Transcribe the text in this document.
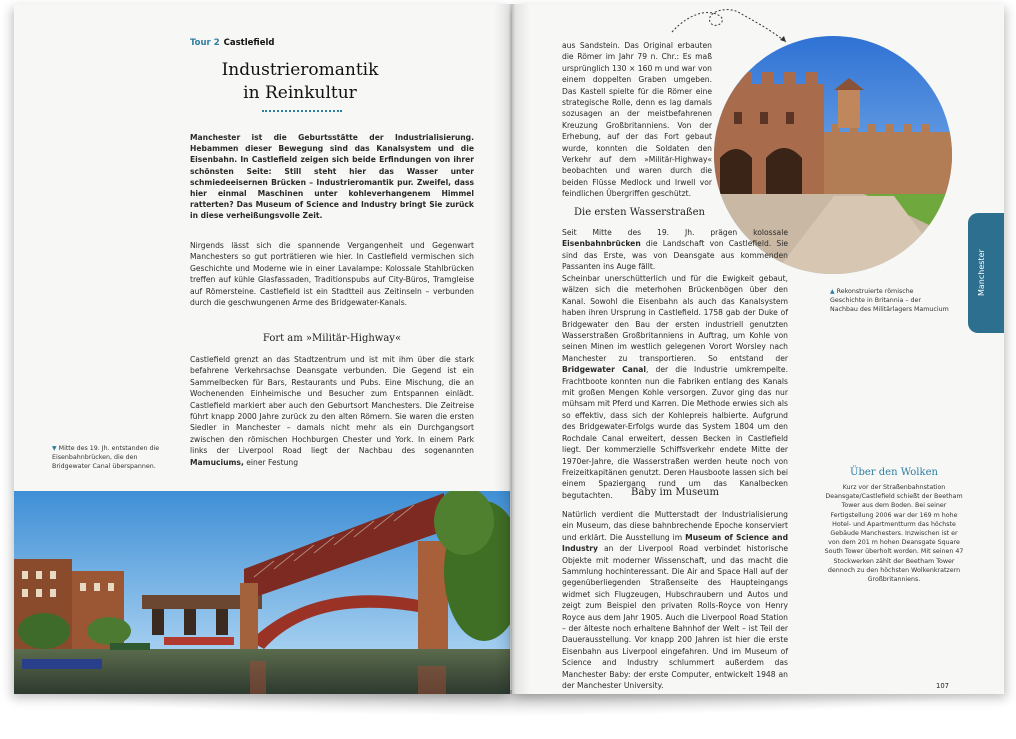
Tour 2 Castlefield
Industrieromantik
in Reinkultur
Manchester ist die Geburtsstätte der Industrialisierung. Hebammen dieser Bewegung sind das Kanalsystem und die Eisenbahn. In Castlefield zeigen sich beide Erfindungen von ihrer schönsten Seite: Still steht hier das Wasser unter schmiedeeisernen Brücken – Industrieromantik pur. Zweifel, dass hier einmal Maschinen unter kohleverhangenem Himmel ratterten? Das Museum of Science and Industry bringt Sie zurück in diese verheißungsvolle Zeit.
Nirgends lässt sich die spannende Vergangenheit und Gegenwart Manchesters so gut porträtieren wie hier. In Castlefield vermischen sich Geschichte und Moderne wie in einer Lavalampe: Kolossale Stahlbrücken treffen auf kühle Glasfassaden, Traditionspubs auf City-Büros, Tramgleise auf Römersteine. Castlefield ist ein Stadtteil aus Zeitinseln – verbunden durch die geschwungenen Arme des Bridgewater-Kanals.
Fort am »Militär-Highway«
Castlefield grenzt an das Stadtzentrum und ist mit ihm über die stark befahrene Verkehrsachse Deansgate verbunden. Die Gegend ist ein Sammelbecken für Bars, Restaurants und Pubs. Eine Mischung, die an Wochenenden Einheimische und Besucher zum Entspannen einlädt. Castlefield markiert aber auch den Geburtsort Manchesters. Die Zeitreise führt knapp 2000 Jahre zurück zu den alten Römern. Sie waren die ersten Siedler in Manchester – damals nicht mehr als ein Durchgangsort zwischen den römischen Hochburgen Chester und York. In einem Park links der Liverpool Road liegt der Nachbau des sogenannten Mamuciums, einer Festung
▼ Mitte des 19. Jh. entstanden die Eisenbahnbrücken, die den Bridgewater Canal überspannen.
aus Sandstein. Das Original erbauten die Römer im Jahr 79 n. Chr.: Es maß ursprünglich 130 × 160 m und war von einem doppelten Graben umgeben. Das Kastell spielte für die Römer eine strategische Rolle, denn es lag damals sozusagen an der meistbefahrenen Kreuzung Großbritanniens. Von der Erhebung, auf der das Fort gebaut wurde, konnten die Soldaten den Verkehr auf dem »Militär-Highway« beobachten und waren durch die beiden Flüsse Medlock und Irwell vor feindlichen Übergriffen geschützt.
Die ersten Wasserstraßen
Seit Mitte des 19. Jh. prägen kolossale Eisenbahnbrücken die Landschaft von Castlefield. Sie sind das Erste, was von Deansgate aus kommenden Passanten ins Auge fällt.
Scheinbar unerschütterlich und für die Ewigkeit gebaut, wälzen sich die meterhohen Brückenbögen über den Kanal. Sowohl die Eisenbahn als auch das Kanalsystem haben ihren Ursprung in Castlefield. 1758 gab der Duke of Bridgewater den Bau der ersten industriell genutzten Wasserstraßen Großbritanniens in Auftrag, um Kohle von seinen Minen im westlich gelegenen Vorort Worsley nach Manchester zu transportieren. So entstand der Bridgewater Canal, der die Industrie umkrempelte. Frachtboote konnten nun die Fabriken entlang des Kanals mit großen Mengen Kohle versorgen. Zuvor ging das nur mühsam mit Pferd und Karren. Die Methode erwies sich als so effektiv, dass sich der Kohlepreis halbierte. Aufgrund des Bridgewater-Erfolgs wurde das System 1804 um den Rochdale Canal erweitert, dessen Becken in Castlefield liegt. Der kommerzielle Schiffsverkehr endete Mitte der 1970er-Jahre, die Wasserstraßen werden heute noch von Freizeitkapitänen genutzt. Deren Hausboote lassen sich bei einem Spaziergang rund um das Kanalbecken begutachten.	Baby im Museum
Natürlich verdient die Mutterstadt der Industrialisierung ein Museum, das diese bahnbrechende Epoche konserviert und erklärt. Die Ausstellung im Museum of Science and Industry an der Liverpool Road verbindet historische Objekte mit moderner Wissenschaft, und das macht die Sammlung hochinteressant. Die Air and Space Hall auf der gegenüberliegenden Straßenseite des Haupteingangs widmet sich Flugzeugen, Hubschraubern und Autos und zeigt zum Beispiel den privaten Rolls-Royce von Henry Royce aus dem Jahr 1905. Auch die Liverpool Road Station – der älteste noch erhaltene Bahnhof der Welt – ist Teil der Dauerausstellung. Vor knapp 200 Jahren ist hier die erste Eisenbahn aus Liverpool eingefahren. Und im Museum of Science and Industry schlummert außerdem das Manchester Baby: der erste Computer, entwickelt 1948 an der Manchester University.
▲ Rekonstruierte römische Geschichte in Britannia – der Nachbau des Militärlagers Mamucium
Manchester
Über den Wolken
Kurz vor der Straßenbahnstation Deansgate/Castlefield schießt der Beetham Tower aus dem Boden. Bei seiner Fertigstellung 2006 war der 169 m hohe Hotel- und Apartmentturm das höchste Gebäude Manchesters. Inzwischen ist er von dem 201 m hohen Deansgate Square South Tower überholt worden. Mit seinen 47 Stockwerken zählt der Beetham Tower dennoch zu den höchsten Wolkenkratzern Großbritanniens.
107
